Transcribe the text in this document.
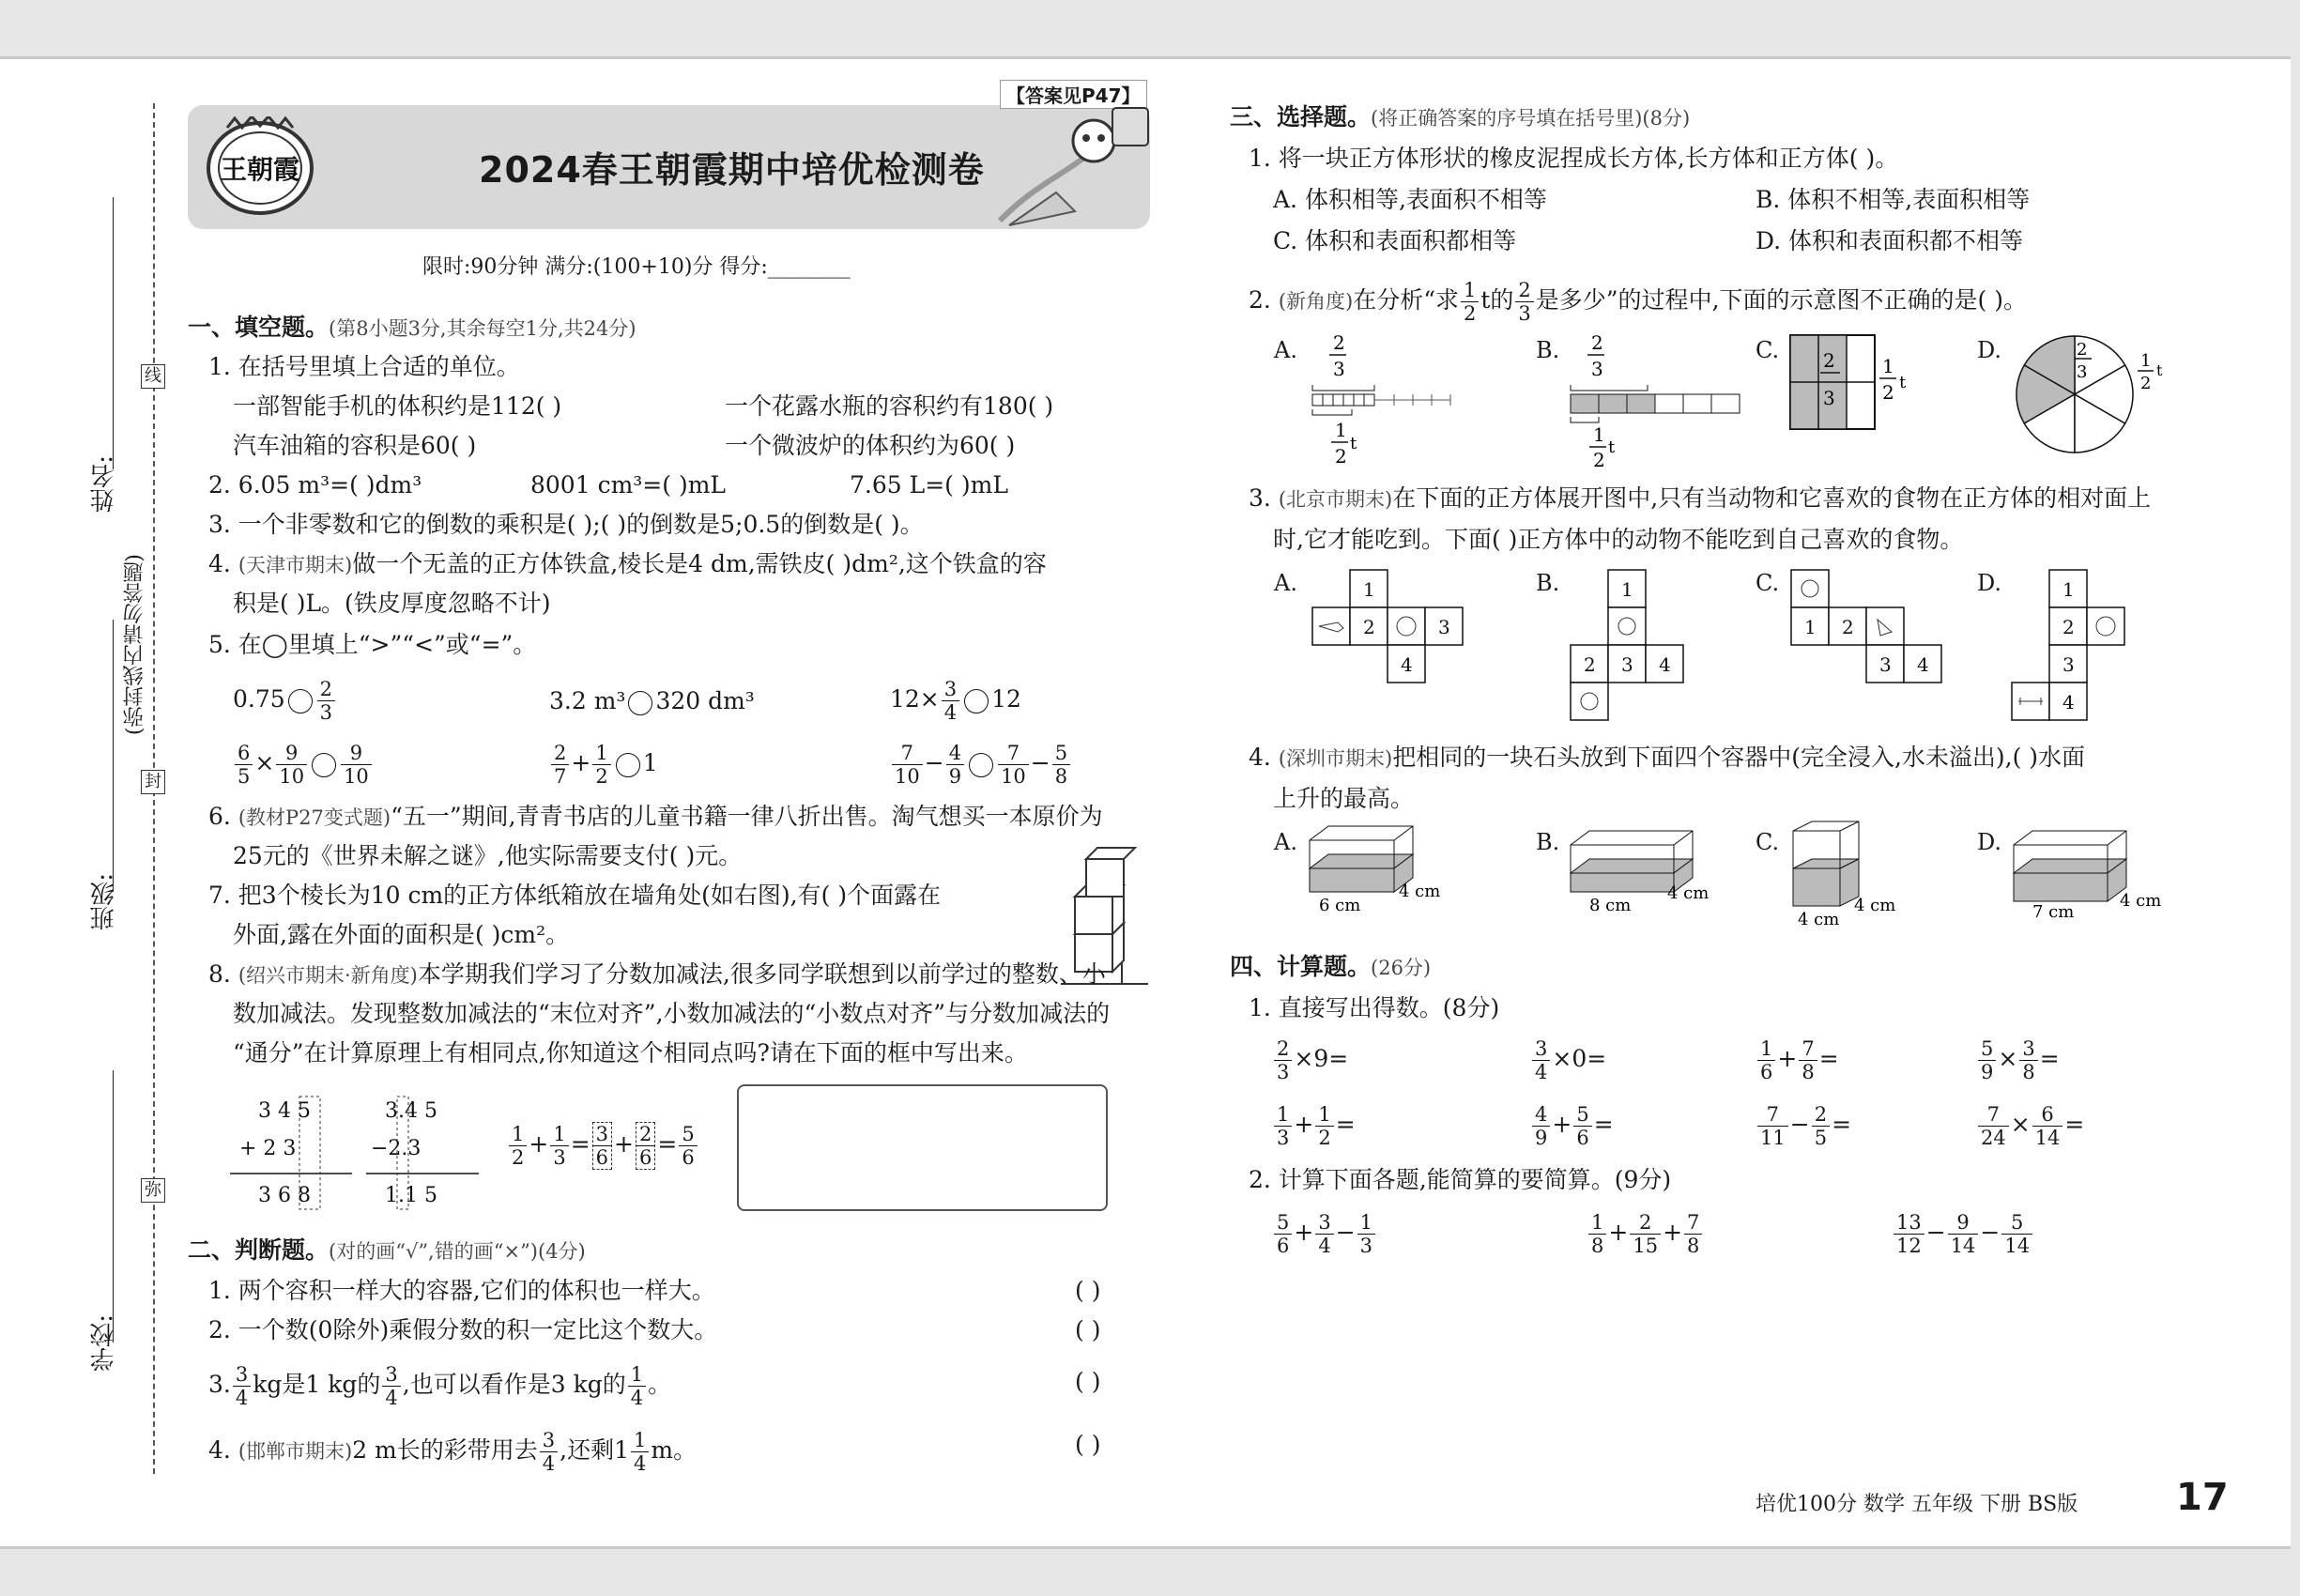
线
封
弥
姓名:
(弥封线内请勿答题)
班级:
学校:
王朝霞
【答案见P47】
2024春王朝霞期中培优检测卷
限时:90分钟 满分:(100+10)分 得分:________
一、填空题。(第8小题3分,其余每空1分,共24分)
1. 在括号里填上合适的单位。
一部智能手机的体积约是112( )	一个花露水瓶的容积约有180( )
汽车油箱的容积是60( )	一个微波炉的体积约为60( )
2. 6.05 m³=( )dm³	8001 cm³=( )mL	7.65 L=( )mL
3. 一个非零数和它的倒数的乘积是( );( )的倒数是5;0.5的倒数是( )。
4. (天津市期末)做一个无盖的正方体铁盒,棱长是4 dm,需铁皮( )dm²,这个铁盒的容
积是( )L。(铁皮厚度忽略不计)
5. 在◯里填上“>”“<”或“=”。
$0.75 \frac{2}{3}$	3.2 m³ 320 dm³	$12\times \frac{3}{4} 12$
$\frac{6}{5} \times \frac{9}{10} \frac{9}{10}$	$\frac{2}{7} + \frac{1}{2} 1$	$\frac{7}{10} - \frac{4}{9} \frac{7}{10} - \frac{5}{8}$
6. (教材P27变式题)“五一”期间,青青书店的儿童书籍一律八折出售。淘气想买一本原价为
25元的《世界未解之谜》,他实际需要支付( )元。
7. 把3个棱长为10 cm的正方体纸箱放在墙角处(如右图),有( )个面露在
外面,露在外面的面积是( )cm²。
8. (绍兴市期末·新角度)本学期我们学习了分数加减法,很多同学联想到以前学过的整数、小
数加减法。发现整数加减法的“末位对齐”,小数加减法的“小数点对齐”与分数加减法的
“通分”在计算原理上有相同点,你知道这个相同点吗?请在下面的框中写出来。
3 4 5
+ 2 3
3 6 8
3.4 5
−2.3
1.1 5
$\frac{1}{2} + \frac{1}{3} = \frac{3}{6} + \frac{2}{6} = \frac{5}{6}$
二、判断题。(对的画“√”,错的画“×”)(4分)
1. 两个容积一样大的容器,它们的体积也一样大。	( )
2. 一个数(0除外)乘假分数的积一定比这个数大。	( )
3. $\frac{3}{4}$ kg是1 kg的 $\frac{3}{4}$ ,也可以看作是3 kg的 $\frac{1}{4}$ 。	( )
4. (邯郸市期末)2 m长的彩带用去 $\frac{3}{4}$ ,还剩$1 \frac{1}{4}$ m。	( )
三、选择题。(将正确答案的序号填在括号里)(8分)
1. 将一块正方体形状的橡皮泥捏成长方体,长方体和正方体( )。
A. 体积相等,表面积不相等	B. 体积不相等,表面积相等
C. 体积和表面积都相等	D. 体积和表面积都不相等
2. (新角度)在分析“求 $\frac{1}{2}$ t的 $\frac{2}{3}$ 是多少”的过程中,下面的示意图不正确的是( )。
A. 2
3
1
2
t
B. 2
3
1
2
t
C. 2
3
1
2 t
D.	2
3
1
2
t
3. (北京市期末)在下面的正方体展开图中,只有当动物和它喜欢的食物在正方体的相对面上
时,它才能吃到。下面( )正方体中的动物不能吃到自己喜欢的食物。
A.	1
2	3
4
B.	1
2 3 4
C.
1 2
3 4
D.	1
2
3
4
4. (深圳市期末)把相同的一块石头放到下面四个容器中(完全浸入,水未溢出),( )水面
上升的最高。
A.
6 cm
4 cm
B.
8 cm
4 cm
C.
4 cm
4 cm
D.
7 cm
4 cm
四、计算题。(26分)
1. 直接写出得数。(8分)
$\frac{2}{3} \times 9=$	$\frac{3}{4} \times 0=$	$\frac{1}{6} + \frac{7}{8}$ =	$\frac{5}{9} \times \frac{3}{8}$ =
$\frac{1}{3} + \frac{1}{2}$ =	$\frac{4}{9} + \frac{5}{6}$ =	$\frac{7}{11} - \frac{2}{5}$ =	$\frac{7}{24} \times \frac{6}{14}$ =
2. 计算下面各题,能简算的要简算。(9分)
$\frac{5}{6} + \frac{3}{4} - \frac{1}{3}$	$\frac{1}{8} + \frac{2}{15} + \frac{7}{8}$	$\frac{13}{12} - \frac{9}{14} - \frac{5}{14}$
培优100分 数学 五年级 下册 BS版	17
